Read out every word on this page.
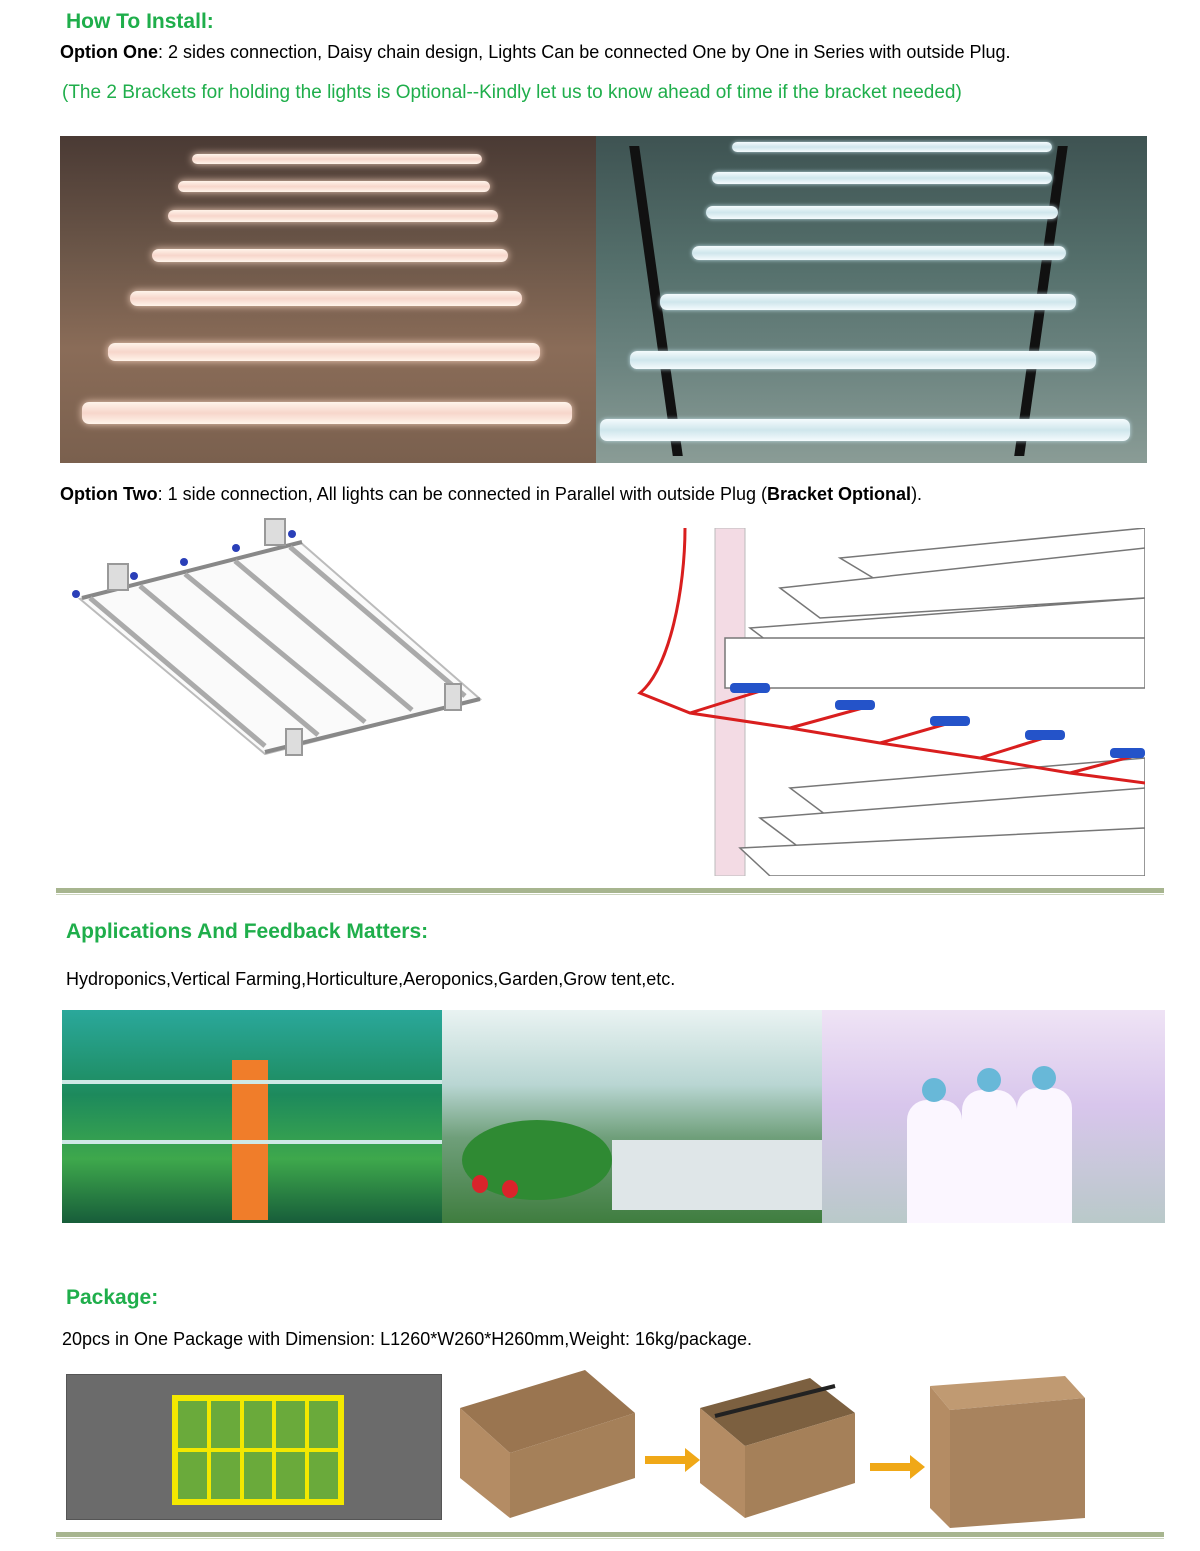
How To Install:
Option One: 2 sides connection, Daisy chain design, Lights Can be connected One by One in Series with outside Plug.
(The 2 Brackets for holding the lights is Optional--Kindly let us to know ahead of time if the bracket needed)
Option Two: 1 side connection, All lights can be connected in Parallel with outside Plug (Bracket Optional).
Applications And Feedback Matters:
Hydroponics,Vertical Farming,Horticulture,Aeroponics,Garden,Grow tent,etc.
Package:
20pcs in One Package with Dimension: L1260*W260*H260mm,Weight: 16kg/package.
